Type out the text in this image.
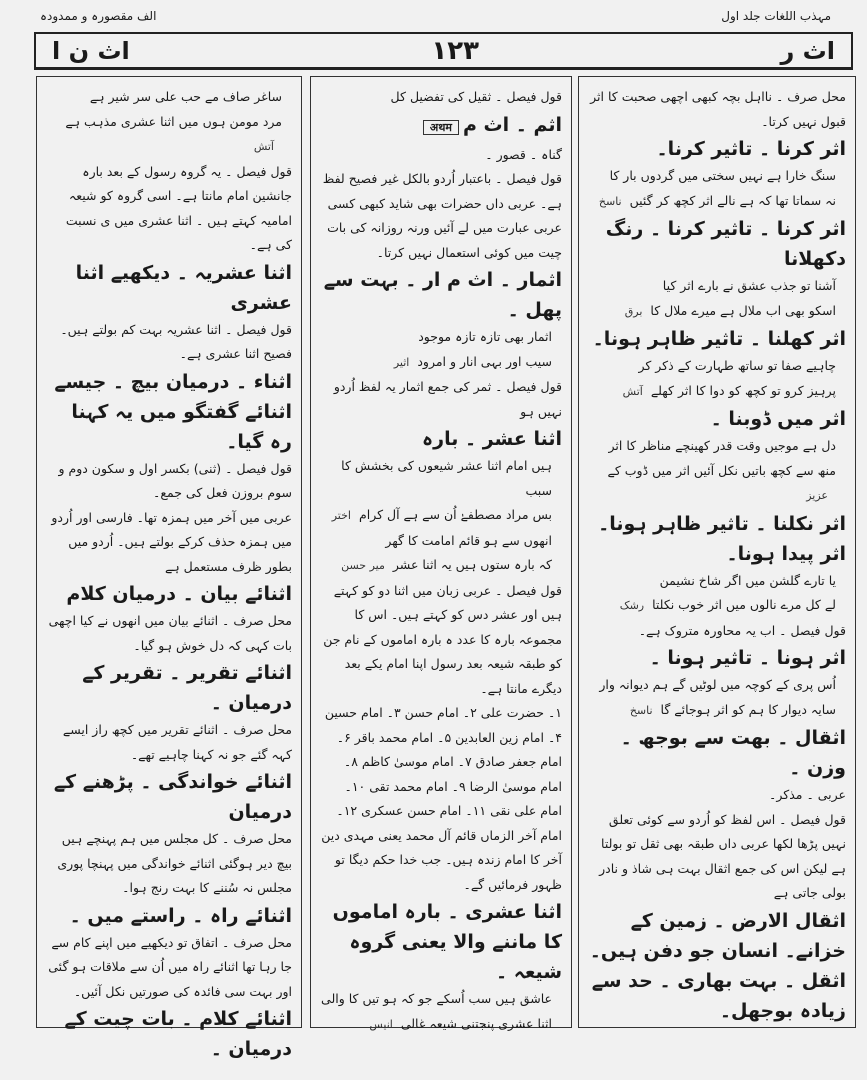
مہذب اللغات جلد اول
الف مقصورہ و ممدودہ
اث ر
۱۲۳
اث ن ا
محل صرف ۔ نااہل بچہ کبھی اچھی صحبت کا اثر قبول نہیں کرتا۔
اثر کرنا ۔ تاثیر کرنا۔
سنگ خارا ہے نہیں سختی میں گردوں بار کا
نہ سماتا تھا کہ ہے نالے اثر کچھ کر گئیںناسخ
اثر کرنا ۔ تاثیر کرنا ۔ رنگ دکھلانا
آشنا تو جذب عشق نے بارے اثر کیا
اسکو بھی اب ملال ہے میرے ملال کابرق
اثر کھلنا ۔ تاثیر ظاہر ہونا۔
چاہیے صفا تو ساتھ طہارت کے ذکر کر
پرہیز کرو تو کچھ کو دوا کا اثر کھلےآتش
اثر میں ڈوبنا ۔
دل ہے موجیں وقت قدر کھینچے مناظر کا اثر
منھ سے کچھ باتیں نکل آئیں اثر میں ڈوب کےعزیز
اثر نکلنا ۔ تاثیر ظاہر ہونا۔ اثر پیدا ہونا۔
یا تارے گلشن میں اگر شاخ نشیمن
لے کل مرے نالوں میں اثر خوب نکلتارشک
قول فیصل ۔ اب یہ محاورہ متروک ہے۔
اثر ہونا ۔ تاثیر ہونا ۔
اُس پری کے کوچہ میں لوٹیں گے ہم دیوانہ وار
سایہ دیوار کا ہم کو اثر ہوجائے گاناسخ
اثقال ۔ بھت سے بوجھ ۔ وزن ۔
عربی ۔ مذکر۔
قول فیصل ۔ اس لفظ کو اُردو سے کوئی تعلق نہیں پڑھا لکھا عربی داں طبقہ بھی ثقل تو بولتا ہے لیکن اس کی جمع اثقال بہت ہی شاذ و نادر بولی جاتی ہے
اثقال الارض ۔ زمین کے خزانے۔ انسان جو دفن ہیں۔
اثقل ۔ بہت بھاری ۔ حد سے زیادہ بوجھل۔
قول فیصل ۔ ثقیل کی تفضیل کل
اثم ۔ اث مअथम
گناہ ۔ قصور ۔
قول فیصل ۔ باعتبار اُردو بالکل غیر فصیح لفظ ہے۔ عربی داں حضرات بھی شاید کبھی کسی عربی عبارت میں لے آئیں ورنہ روزانہ کی بات چیت میں کوئی استعمال نہیں کرتا۔
اثمار ۔ اث م ار ۔ بہت سے پھل ۔
اثمار بھی تازہ تازہ موجود
سیب اور بہی انار و امروداثیر
قول فیصل ۔ ثمر کی جمع اثمار یہ لفظ اُردو نہیں ہو
اثنا عشر ۔ بارہ
ہیں امام اثنا عشر شیعوں کی بخشش کا سبب
بس مراد مصطفےٰ اُن سے ہے آل کراماختر
انھوں سے ہو قائم امامت کا گھر
کہ بارہ ستوں ہیں یہ اثنا عشرمیر حسن
قول فیصل ۔ عربی زبان میں اثنا دو کو کہتے ہیں اور عشر دس کو کہتے ہیں۔ اس کا مجموعہ بارہ کا عدد ہ بارہ اماموں کے نام جن کو طبقہ شیعہ بعد رسول اپنا امام یکے بعد دیگرے مانتا ہے۔
۱۔ حضرت علی ۲۔ امام حسن ۳۔ امام حسین ۴۔ امام زین العابدین ۵۔ امام محمد باقر ۶۔ امام جعفر صادق ۷۔ امام موسیٰ کاظم ۸۔ امام موسیٰ الرضا ۹۔ امام محمد تقی ۱۰۔ امام علی نقی ۱۱۔ امام حسن عسکری ۱۲۔ امام آخر الزماں قائم آل محمد یعنی مہدی دین آخر کا امام زندہ ہیں۔ جب خدا حکم دیگا تو ظہور فرمائیں گے۔
اثنا عشری ۔ بارہ اماموں کا ماننے والا یعنی گروہ شیعہ ۔
عاشق ہیں سب اُسکے جو کہ ہو تیں کا والی
اثنا عشری پنجتنی شیعہ غالیانیس
ساغر صاف مے حب علی سر شیر ہے
مرد مومن ہوں میں اثنا عشری مذہب ہےآتش
قول فیصل ۔ یہ گروہ رسول کے بعد بارہ جانشین امام مانتا ہے۔ اسی گروہ کو شیعہ امامیہ کہتے ہیں ۔ اثنا عشری میں ی نسبت کی ہے۔
اثنا عشریہ ۔ دیکھیے اثنا عشری
قول فیصل ۔ اثنا عشریہ بہت کم بولتے ہیں۔ فصیح اثنا عشری ہے۔
اثناء ۔ درمیان بیچ ۔ جیسے اثنائے گفتگو میں یہ کہنا رہ گیا۔
قول فیصل ۔ (ثنی) بکسر اول و سکون دوم و سوم بروزن فعل کی جمع۔
عربی میں آخر میں ہمزہ تھا۔ فارسی اور اُردو میں ہمزہ حذف کرکے بولتے ہیں۔ اُردو میں بطور ظرف مستعمل ہے
اثنائے بیان ۔ درمیان کلام
محل صرف ۔ اثنائے بیان میں انھوں نے کیا اچھی بات کہی کہ دل خوش ہو گیا۔
اثنائے تقریر ۔ تقریر کے درمیان ۔
محل صرف ۔ اثنائے تقریر میں کچھ راز ایسے کہہ گئے جو نہ کہنا چاہیے تھے۔
اثنائے خواندگی ۔ پڑھنے کے درمیان
محل صرف ۔ کل مجلس میں ہم پہنچے ہیں بیچ دیر ہوگئی اثنائے خواندگی میں پہنچا پوری مجلس نہ سُننے کا بہت رنج ہوا۔
اثنائے راہ ۔ راستے میں ۔
محل صرف ۔ اتفاق تو دیکھیے میں اپنے کام سے جا رہا تھا اثنائے راہ میں اُن سے ملاقات ہو گئی اور بہت سی فائدہ کی صورتیں نکل آئیں۔
اثنائے کلام ۔ بات چیت کے درمیان ۔
